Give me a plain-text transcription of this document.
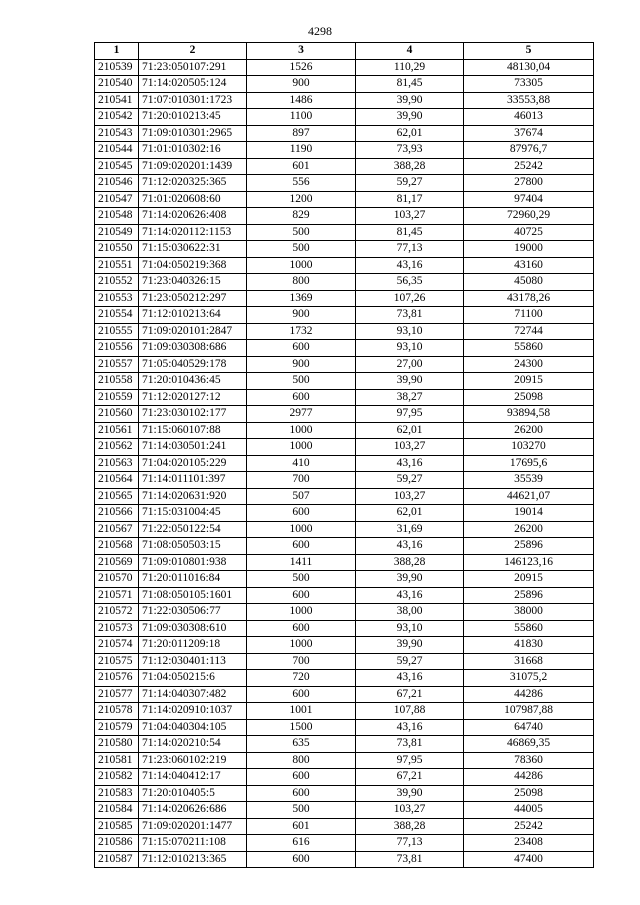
4298
1	2	3	4	5
210539	71:23:050107:291	1526	110,29	48130,04
210540	71:14:020505:124	900	81,45	73305
210541	71:07:010301:1723	1486	39,90	33553,88
210542	71:20:010213:45	1100	39,90	46013
210543	71:09:010301:2965	897	62,01	37674
210544	71:01:010302:16	1190	73,93	87976,7
210545	71:09:020201:1439	601	388,28	25242
210546	71:12:020325:365	556	59,27	27800
210547	71:01:020608:60	1200	81,17	97404
210548	71:14:020626:408	829	103,27	72960,29
210549	71:14:020112:1153	500	81,45	40725
210550	71:15:030622:31	500	77,13	19000
210551	71:04:050219:368	1000	43,16	43160
210552	71:23:040326:15	800	56,35	45080
210553	71:23:050212:297	1369	107,26	43178,26
210554	71:12:010213:64	900	73,81	71100
210555	71:09:020101:2847	1732	93,10	72744
210556	71:09:030308:686	600	93,10	55860
210557	71:05:040529:178	900	27,00	24300
210558	71:20:010436:45	500	39,90	20915
210559	71:12:020127:12	600	38,27	25098
210560	71:23:030102:177	2977	97,95	93894,58
210561	71:15:060107:88	1000	62,01	26200
210562	71:14:030501:241	1000	103,27	103270
210563	71:04:020105:229	410	43,16	17695,6
210564	71:14:011101:397	700	59,27	35539
210565	71:14:020631:920	507	103,27	44621,07
210566	71:15:031004:45	600	62,01	19014
210567	71:22:050122:54	1000	31,69	26200
210568	71:08:050503:15	600	43,16	25896
210569	71:09:010801:938	1411	388,28	146123,16
210570	71:20:011016:84	500	39,90	20915
210571	71:08:050105:1601	600	43,16	25896
210572	71:22:030506:77	1000	38,00	38000
210573	71:09:030308:610	600	93,10	55860
210574	71:20:011209:18	1000	39,90	41830
210575	71:12:030401:113	700	59,27	31668
210576	71:04:050215:6	720	43,16	31075,2
210577	71:14:040307:482	600	67,21	44286
210578	71:14:020910:1037	1001	107,88	107987,88
210579	71:04:040304:105	1500	43,16	64740
210580	71:14:020210:54	635	73,81	46869,35
210581	71:23:060102:219	800	97,95	78360
210582	71:14:040412:17	600	67,21	44286
210583	71:20:010405:5	600	39,90	25098
210584	71:14:020626:686	500	103,27	44005
210585	71:09:020201:1477	601	388,28	25242
210586	71:15:070211:108	616	77,13	23408
210587	71:12:010213:365	600	73,81	47400
